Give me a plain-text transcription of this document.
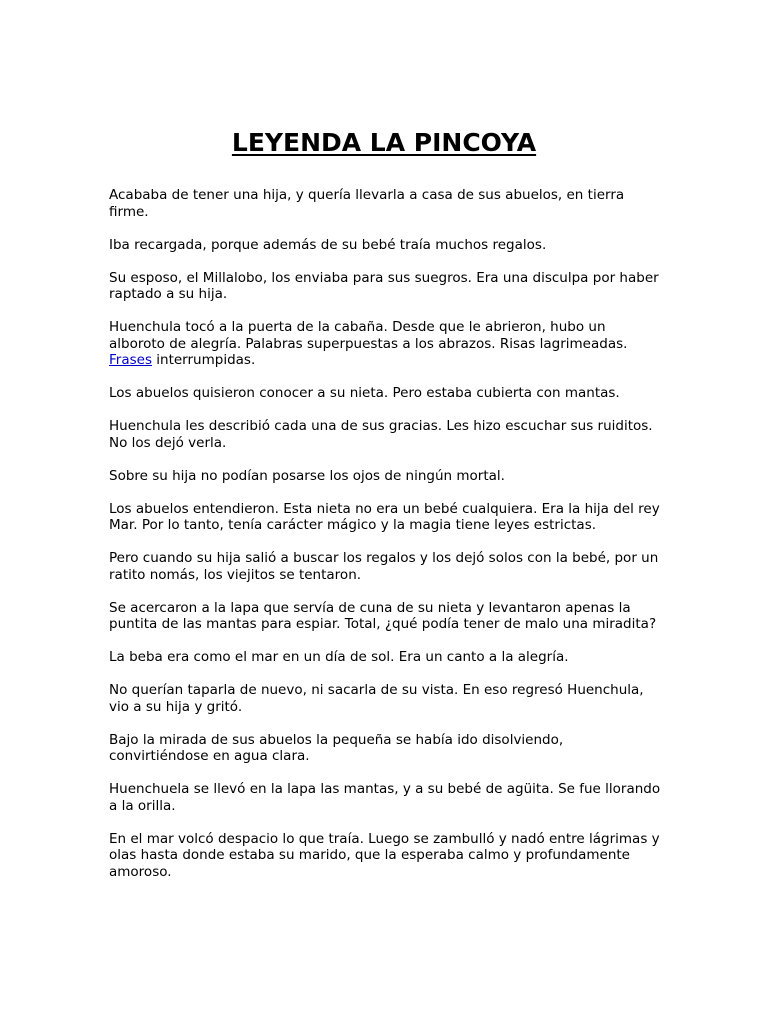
LEYENDA LA PINCOYA

Acababa de tener una hija, y quería llevarla a casa de sus abuelos, en tierra firme.

Iba recargada, porque además de su bebé traía muchos regalos.

Su esposo, el Millalobo, los enviaba para sus suegros. Era una disculpa por haber raptado a su hija.

Huenchula tocó a la puerta de la cabaña. Desde que le abrieron, hubo un alboroto de alegría. Palabras superpuestas a los abrazos. Risas lagrimeadas. Frases interrumpidas.

Los abuelos quisieron conocer a su nieta. Pero estaba cubierta con mantas.

Huenchula les describió cada una de sus gracias. Les hizo escuchar sus ruiditos. No los dejó verla.

Sobre su hija no podían posarse los ojos de ningún mortal.

Los abuelos entendieron. Esta nieta no era un bebé cualquiera. Era la hija del rey Mar. Por lo tanto, tenía carácter mágico y la magia tiene leyes estrictas.

Pero cuando su hija salió a buscar los regalos y los dejó solos con la bebé, por un ratito nomás, los viejitos se tentaron.

Se acercaron a la lapa que servía de cuna de su nieta y levantaron apenas la puntita de las mantas para espiar. Total, ¿qué podía tener de malo una miradita?

La beba era como el mar en un día de sol. Era un canto a la alegría.

No querían taparla de nuevo, ni sacarla de su vista. En eso regresó Huenchula, vio a su hija y gritó.

Bajo la mirada de sus abuelos la pequeña se había ido disolviendo, convirtiéndose en agua clara.

Huenchuela se llevó en la lapa las mantas, y a su bebé de agüita. Se fue llorando a la orilla.

En el mar volcó despacio lo que traía. Luego se zambulló y nadó entre lágrimas y olas hasta donde estaba su marido, que la esperaba calmo y profundamente amoroso.
